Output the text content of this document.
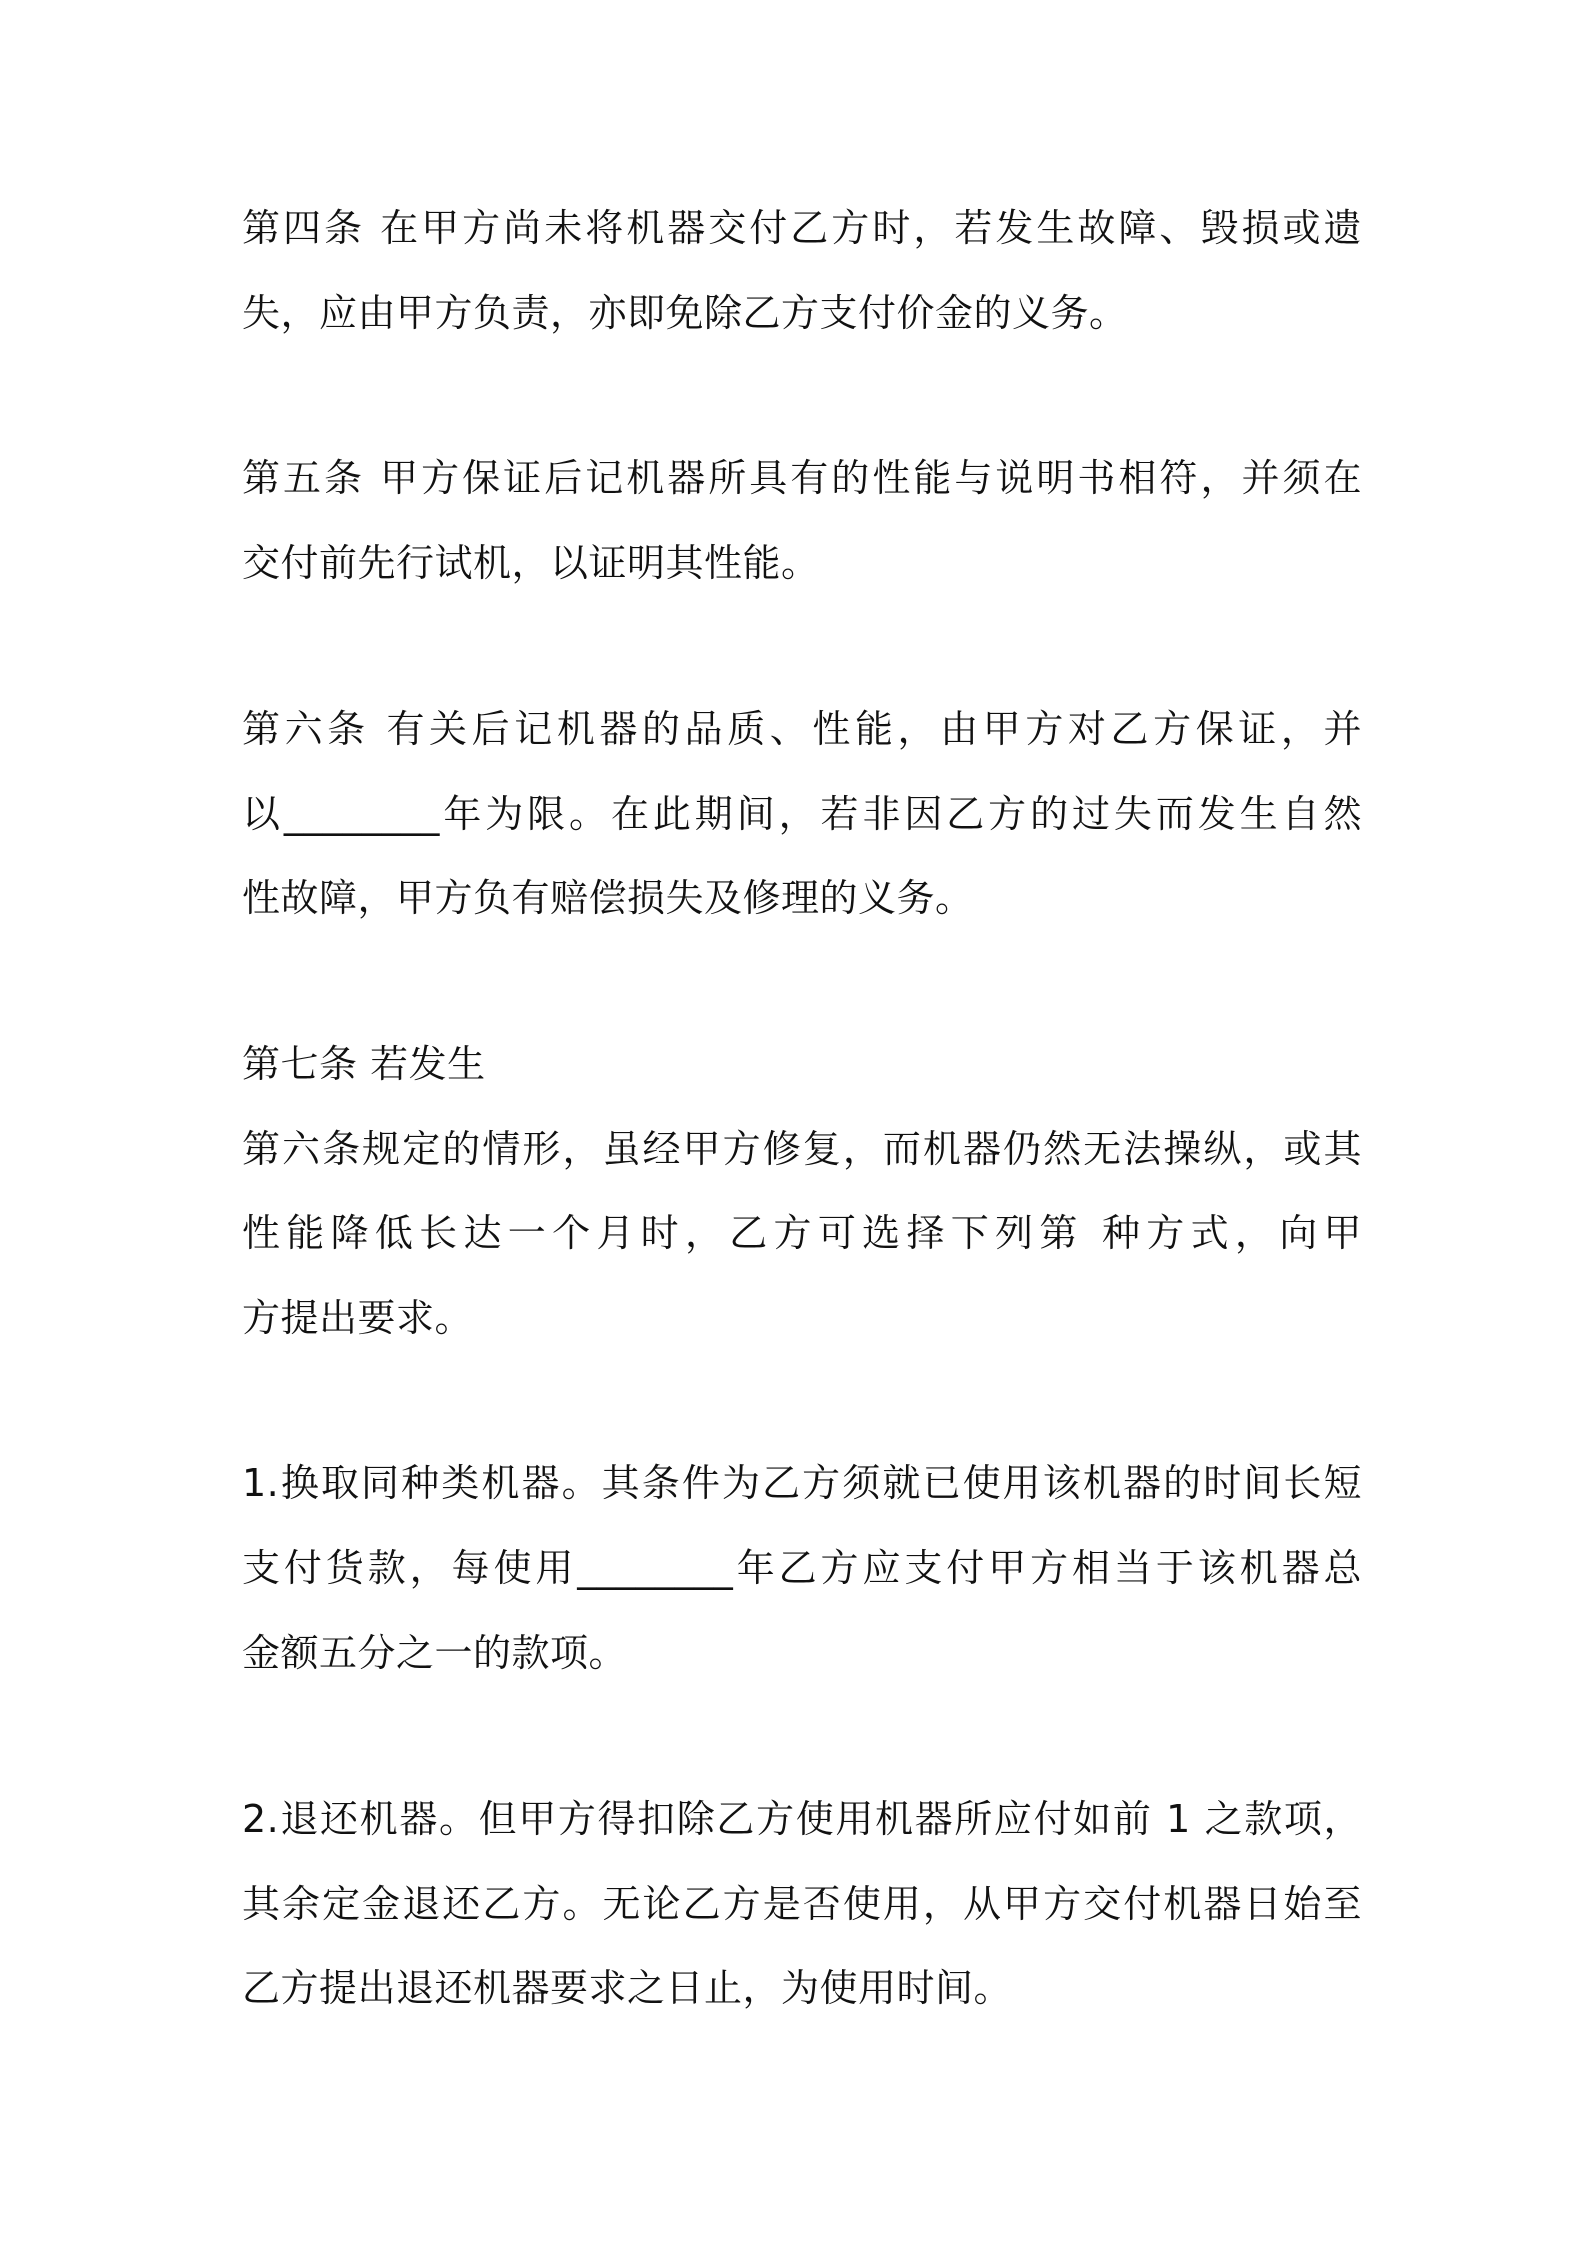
第四条 在甲方尚未将机器交付乙方时，若发生故障、毁损或遗
失，应由甲方负责，亦即免除乙方支付价金的义务。
第五条 甲方保证后记机器所具有的性能与说明书相符，并须在
交付前先行试机，以证明其性能。
第六条 有关后记机器的品质、性能，由甲方对乙方保证，并
以________年为限。在此期间，若非因乙方的过失而发生自然
性故障，甲方负有赔偿损失及修理的义务。
第七条 若发生
第六条规定的情形，虽经甲方修复，而机器仍然无法操纵，或其
性能降低长达一个月时，乙方可选择下列第 种方式，向甲
方提出要求。
1.换取同种类机器。其条件为乙方须就已使用该机器的时间长短
支付货款，每使用________年乙方应支付甲方相当于该机器总
金额五分之一的款项。
2.退还机器。但甲方得扣除乙方使用机器所应付如前 1 之款项，
其余定金退还乙方。无论乙方是否使用，从甲方交付机器日始至
乙方提出退还机器要求之日止，为使用时间。
